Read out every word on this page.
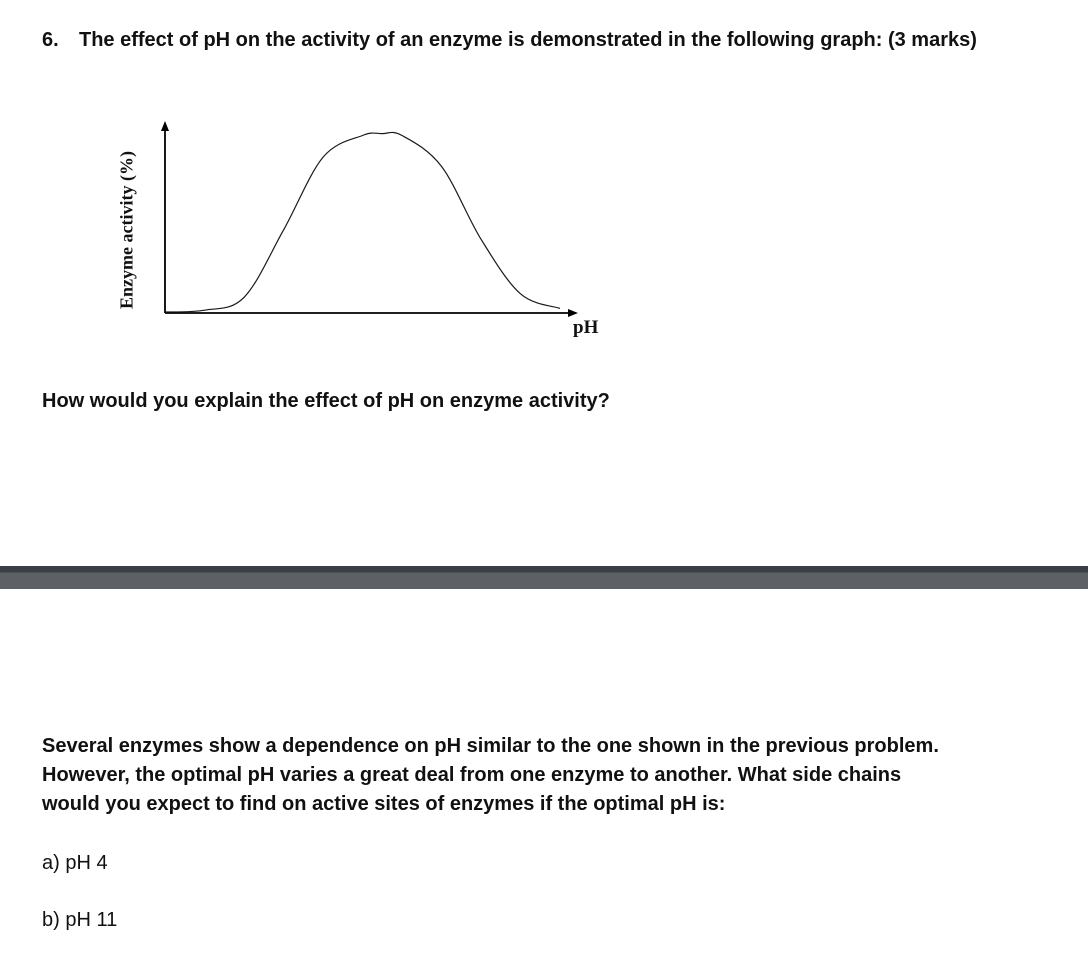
6.	The effect of pH on the activity of an enzyme is demonstrated in the following graph: (3 marks)
Enzyme activity (%)
pH
How would you explain the effect of pH on enzyme activity?
Several enzymes show a dependence on pH similar to the one shown in the previous problem. However, the optimal pH varies a great deal from one enzyme to another. What side chains would you expect to find on active sites of enzymes if the optimal pH is:
a) pH 4
b) pH 11
